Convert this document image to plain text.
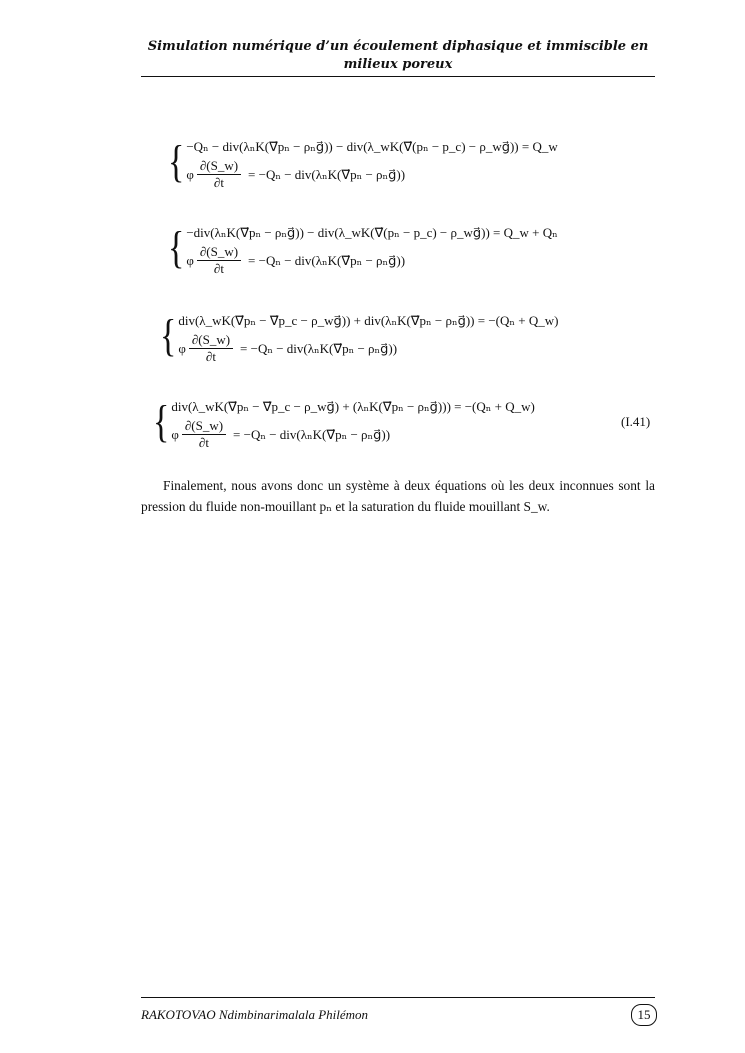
Simulation numérique d’un écoulement diphasique et immiscible en milieux poreux
{ −Qₙ − div(λₙK(∇⃗pₙ − ρₙg⃗)) − div(λ_wK(∇⃗(pₙ − p_c) − ρ_wg⃗)) = Q_w
φ $\frac{\partial(S\_w)}{\partial t} = -Q_n$ − div(λₙK(∇⃗pₙ − ρₙg⃗))
{ −div(λₙK(∇⃗pₙ − ρₙg⃗)) − div(λ_wK(∇⃗(pₙ − p_c) − ρ_wg⃗)) = Q_w + Qₙ
φ $\frac{\partial(S\_w)}{\partial t} = -Q_n$ − div(λₙK(∇⃗pₙ − ρₙg⃗))
{ div(λ_wK(∇⃗pₙ − ∇⃗p_c − ρ_wg⃗)) + div(λₙK(∇⃗pₙ − ρₙg⃗)) = −(Qₙ + Q_w)
φ $\frac{\partial(S\_w)}{\partial t} = -Q_n$ − div(λₙK(∇⃗pₙ − ρₙg⃗))
{ div(λ_wK(∇⃗pₙ − ∇⃗p_c − ρ_wg⃗) + (λₙK(∇⃗pₙ − ρₙg⃗))) = −(Qₙ + Q_w)
φ $\frac{\partial(S\_w)}{\partial t} = -Q_n$ − div(λₙK(∇⃗pₙ − ρₙg⃗))
(I.41)

Finalement, nous avons donc un système à deux équations où les deux inconnues sont la pression du fluide non-mouillant pₙ et la saturation du fluide mouillant S_w.

RAKOTOVAO Ndimbinarimalala Philémon	15
